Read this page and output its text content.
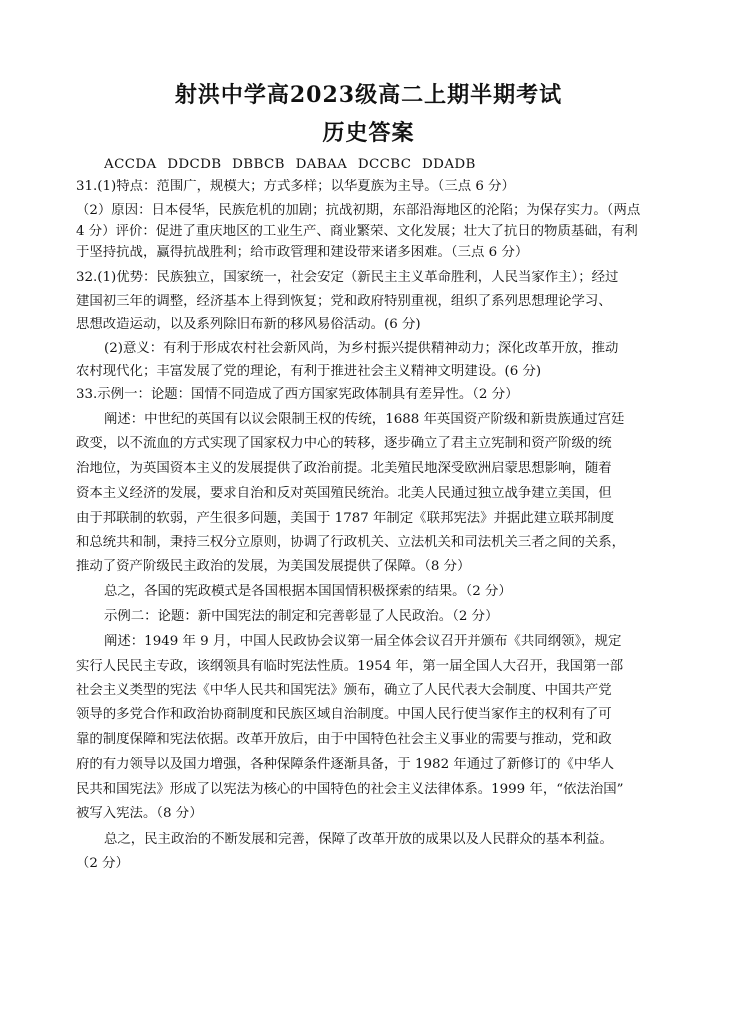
射洪中学高2023级高二上期半期考试
历史答案
ACCDA DDCDB DBBCB DABAA DCCBC DDADB
31.(1)特点：范围广，规模大；方式多样；以华夏族为主导。（三点 6 分）
（2）原因：日本侵华，民族危机的加剧；抗战初期，东部沿海地区的沦陷；为保存实力。（两点
4 分）评价：促进了重庆地区的工业生产、商业繁荣、文化发展；壮大了抗日的物质基础，有利
于坚持抗战，赢得抗战胜利；给市政管理和建设带来诸多困难。（三点 6 分）
32.(1)优势：民族独立，国家统一，社会安定（新民主主义革命胜利，人民当家作主）；经过
建国初三年的调整，经济基本上得到恢复；党和政府特别重视，组织了系列思想理论学习、
思想改造运动，以及系列除旧布新的移风易俗活动。(6 分)
(2)意义：有利于形成农村社会新风尚，为乡村振兴提供精神动力；深化改革开放，推动
农村现代化；丰富发展了党的理论，有利于推进社会主义精神文明建设。(6 分)
33.示例一：论题：国情不同造成了西方国家宪政体制具有差异性。（2 分）
阐述：中世纪的英国有以议会限制王权的传统，1688 年英国资产阶级和新贵族通过宫廷
政变，以不流血的方式实现了国家权力中心的转移，逐步确立了君主立宪制和资产阶级的统
治地位，为英国资本主义的发展提供了政治前提。北美殖民地深受欧洲启蒙思想影响，随着
资本主义经济的发展，要求自治和反对英国殖民统治。北美人民通过独立战争建立美国，但
由于邦联制的软弱，产生很多问题，美国于 1787 年制定《联邦宪法》并据此建立联邦制度
和总统共和制，秉持三权分立原则，协调了行政机关、立法机关和司法机关三者之间的关系，
推动了资产阶级民主政治的发展，为美国发展提供了保障。（8 分）
总之，各国的宪政模式是各国根据本国国情积极探索的结果。（2 分）
示例二：论题：新中国宪法的制定和完善彰显了人民政治。（2 分）
阐述：1949 年 9 月，中国人民政协会议第一届全体会议召开并颁布《共同纲领》，规定
实行人民民主专政，该纲领具有临时宪法性质。1954 年，第一届全国人大召开，我国第一部
社会主义类型的宪法《中华人民共和国宪法》颁布，确立了人民代表大会制度、中国共产党
领导的多党合作和政治协商制度和民族区域自治制度。中国人民行使当家作主的权利有了可
靠的制度保障和宪法依据。改革开放后，由于中国特色社会主义事业的需要与推动，党和政
府的有力领导以及国力增强，各种保障条件逐渐具备，于 1982 年通过了新修订的《中华人
民共和国宪法》形成了以宪法为核心的中国特色的社会主义法律体系。1999 年，“依法治国”
被写入宪法。（8 分）
总之，民主政治的不断发展和完善，保障了改革开放的成果以及人民群众的基本利益。
（2 分）
